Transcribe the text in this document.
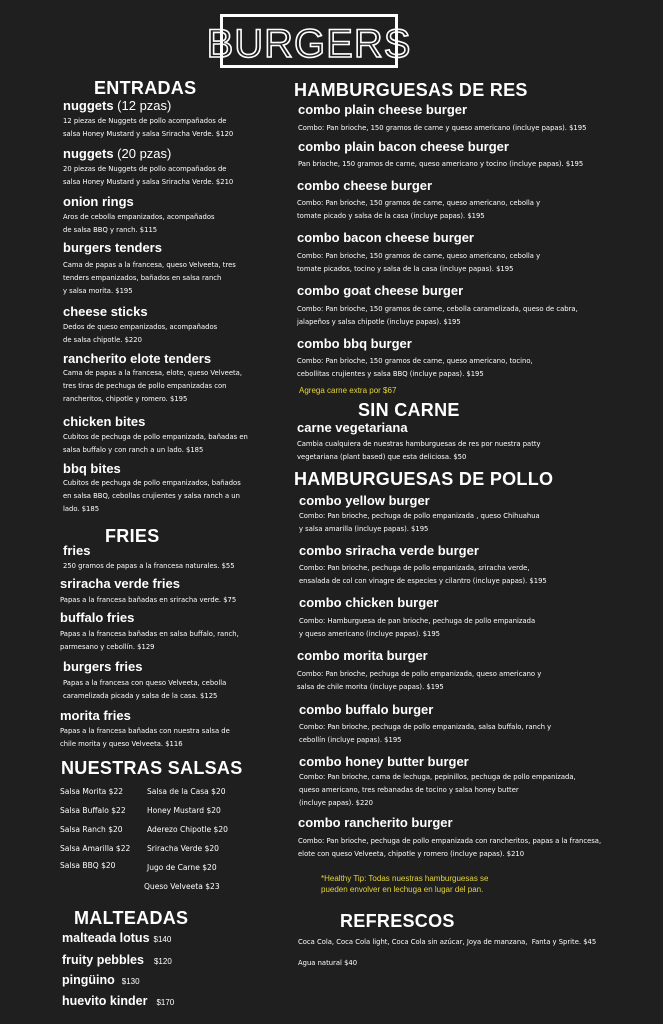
BURGERS
ENTRADAS
nuggets (12 pzas)
12 piezas de Nuggets de pollo acompañados de
salsa Honey Mustard y salsa Sriracha Verde. $120
nuggets (20 pzas)
20 piezas de Nuggets de pollo acompañados de
salsa Honey Mustard y salsa Sriracha Verde. $210
onion rings
Aros de cebolla empanizados, acompañados
de salsa BBQ y ranch. $115
burgers tenders
Cama de papas a la francesa, queso Velveeta, tres
tenders empanizados, bañados en salsa ranch
y salsa morita. $195
cheese sticks
Dedos de queso empanizados, acompañados
de salsa chipotle. $220
rancherito elote tenders
Cama de papas a la francesa, elote, queso Velveeta,
tres tiras de pechuga de pollo empanizadas con
rancheritos, chipotle y romero. $195
chicken bites
Cubitos de pechuga de pollo empanizada, bañadas en
salsa buffalo y con ranch a un lado. $185
bbq bites
Cubitos de pechuga de pollo empanizados, bañados
en salsa BBQ, cebollas crujientes y salsa ranch a un
lado. $185
FRIES
fries
250 gramos de papas a la francesa naturales. $55
sriracha verde fries
Papas a la francesa bañadas en sriracha verde. $75
buffalo fries
Papas a la francesa bañadas en salsa buffalo, ranch,
parmesano y cebollín. $129
burgers fries
Papas a la francesa con queso Velveeta, cebolla
caramelizada picada y salsa de la casa. $125
morita fries
Papas a la francesa bañadas con nuestra salsa de
chile morita y queso Velveeta. $116
NUESTRAS SALSAS
Salsa Morita $22
Salsa Buffalo $22
Salsa Ranch $20
Salsa Amarilla $22
Salsa BBQ $20
Salsa de la Casa $20
Honey Mustard $20
Aderezo Chipotle $20
Sriracha Verde $20
Jugo de Carne $20
Queso Velveeta $23
MALTEADAS
malteada lotus $140
fruity pebbles $120
pingüino $130
huevito kinder $170
HAMBURGUESAS DE RES
combo plain cheese burger
Combo: Pan brioche, 150 gramos de carne y queso americano (incluye papas). $195
combo plain bacon cheese burger
Pan brioche, 150 gramos de carne, queso americano y tocino (incluye papas). $195
combo cheese burger
Combo: Pan brioche, 150 gramos de carne, queso americano, cebolla y
tomate picado y salsa de la casa (incluye papas). $195
combo bacon cheese burger
Combo: Pan brioche, 150 gramos de carne, queso americano, cebolla y
tomate picados, tocino y salsa de la casa (incluye papas). $195
combo goat cheese burger
Combo: Pan brioche, 150 gramos de carne, cebolla caramelizada, queso de cabra,
jalapeños y salsa chipotle (incluye papas). $195
combo bbq burger
Combo: Pan brioche, 150 gramos de carne, queso americano, tocino,
cebollitas crujientes y salsa BBQ (incluye papas). $195
Agrega carne extra por $67
SIN CARNE
carne vegetariana
Cambia cualquiera de nuestras hamburguesas de res por nuestra patty
vegetariana (plant based) que esta deliciosa. $50
HAMBURGUESAS DE POLLO
combo yellow burger
Combo: Pan brioche, pechuga de pollo empanizada , queso Chihuahua
y salsa amarilla (incluye papas). $195
combo sriracha verde burger
Combo: Pan brioche, pechuga de pollo empanizada, sriracha verde,
ensalada de col con vinagre de especies y cilantro (incluye papas). $195
combo chicken burger
Combo: Hamburguesa de pan brioche, pechuga de pollo empanizada
y queso americano (incluye papas). $195
combo morita burger
Combo: Pan brioche, pechuga de pollo empanizada, queso americano y
salsa de chile morita (incluye papas). $195
combo buffalo burger
Combo: Pan brioche, pechuga de pollo empanizada, salsa buffalo, ranch y
cebollín (incluye papas). $195
combo honey butter burger
Combo: Pan brioche, cama de lechuga, pepinillos, pechuga de pollo empanizada,
queso americano, tres rebanadas de tocino y salsa honey butter
(incluye papas). $220
combo rancherito burger
Combo: Pan brioche, pechuga de pollo empanizada con rancheritos, papas a la francesa,
elote con queso Velveeta, chipotle y romero (incluye papas). $210
*Healthy Tip: Todas nuestras hamburguesas se
pueden envolver en lechuga en lugar del pan.
REFRESCOS
Coca Cola, Coca Cola light, Coca Cola sin azúcar, Joya de manzana,  Fanta y Sprite. $45
Agua natural $40
